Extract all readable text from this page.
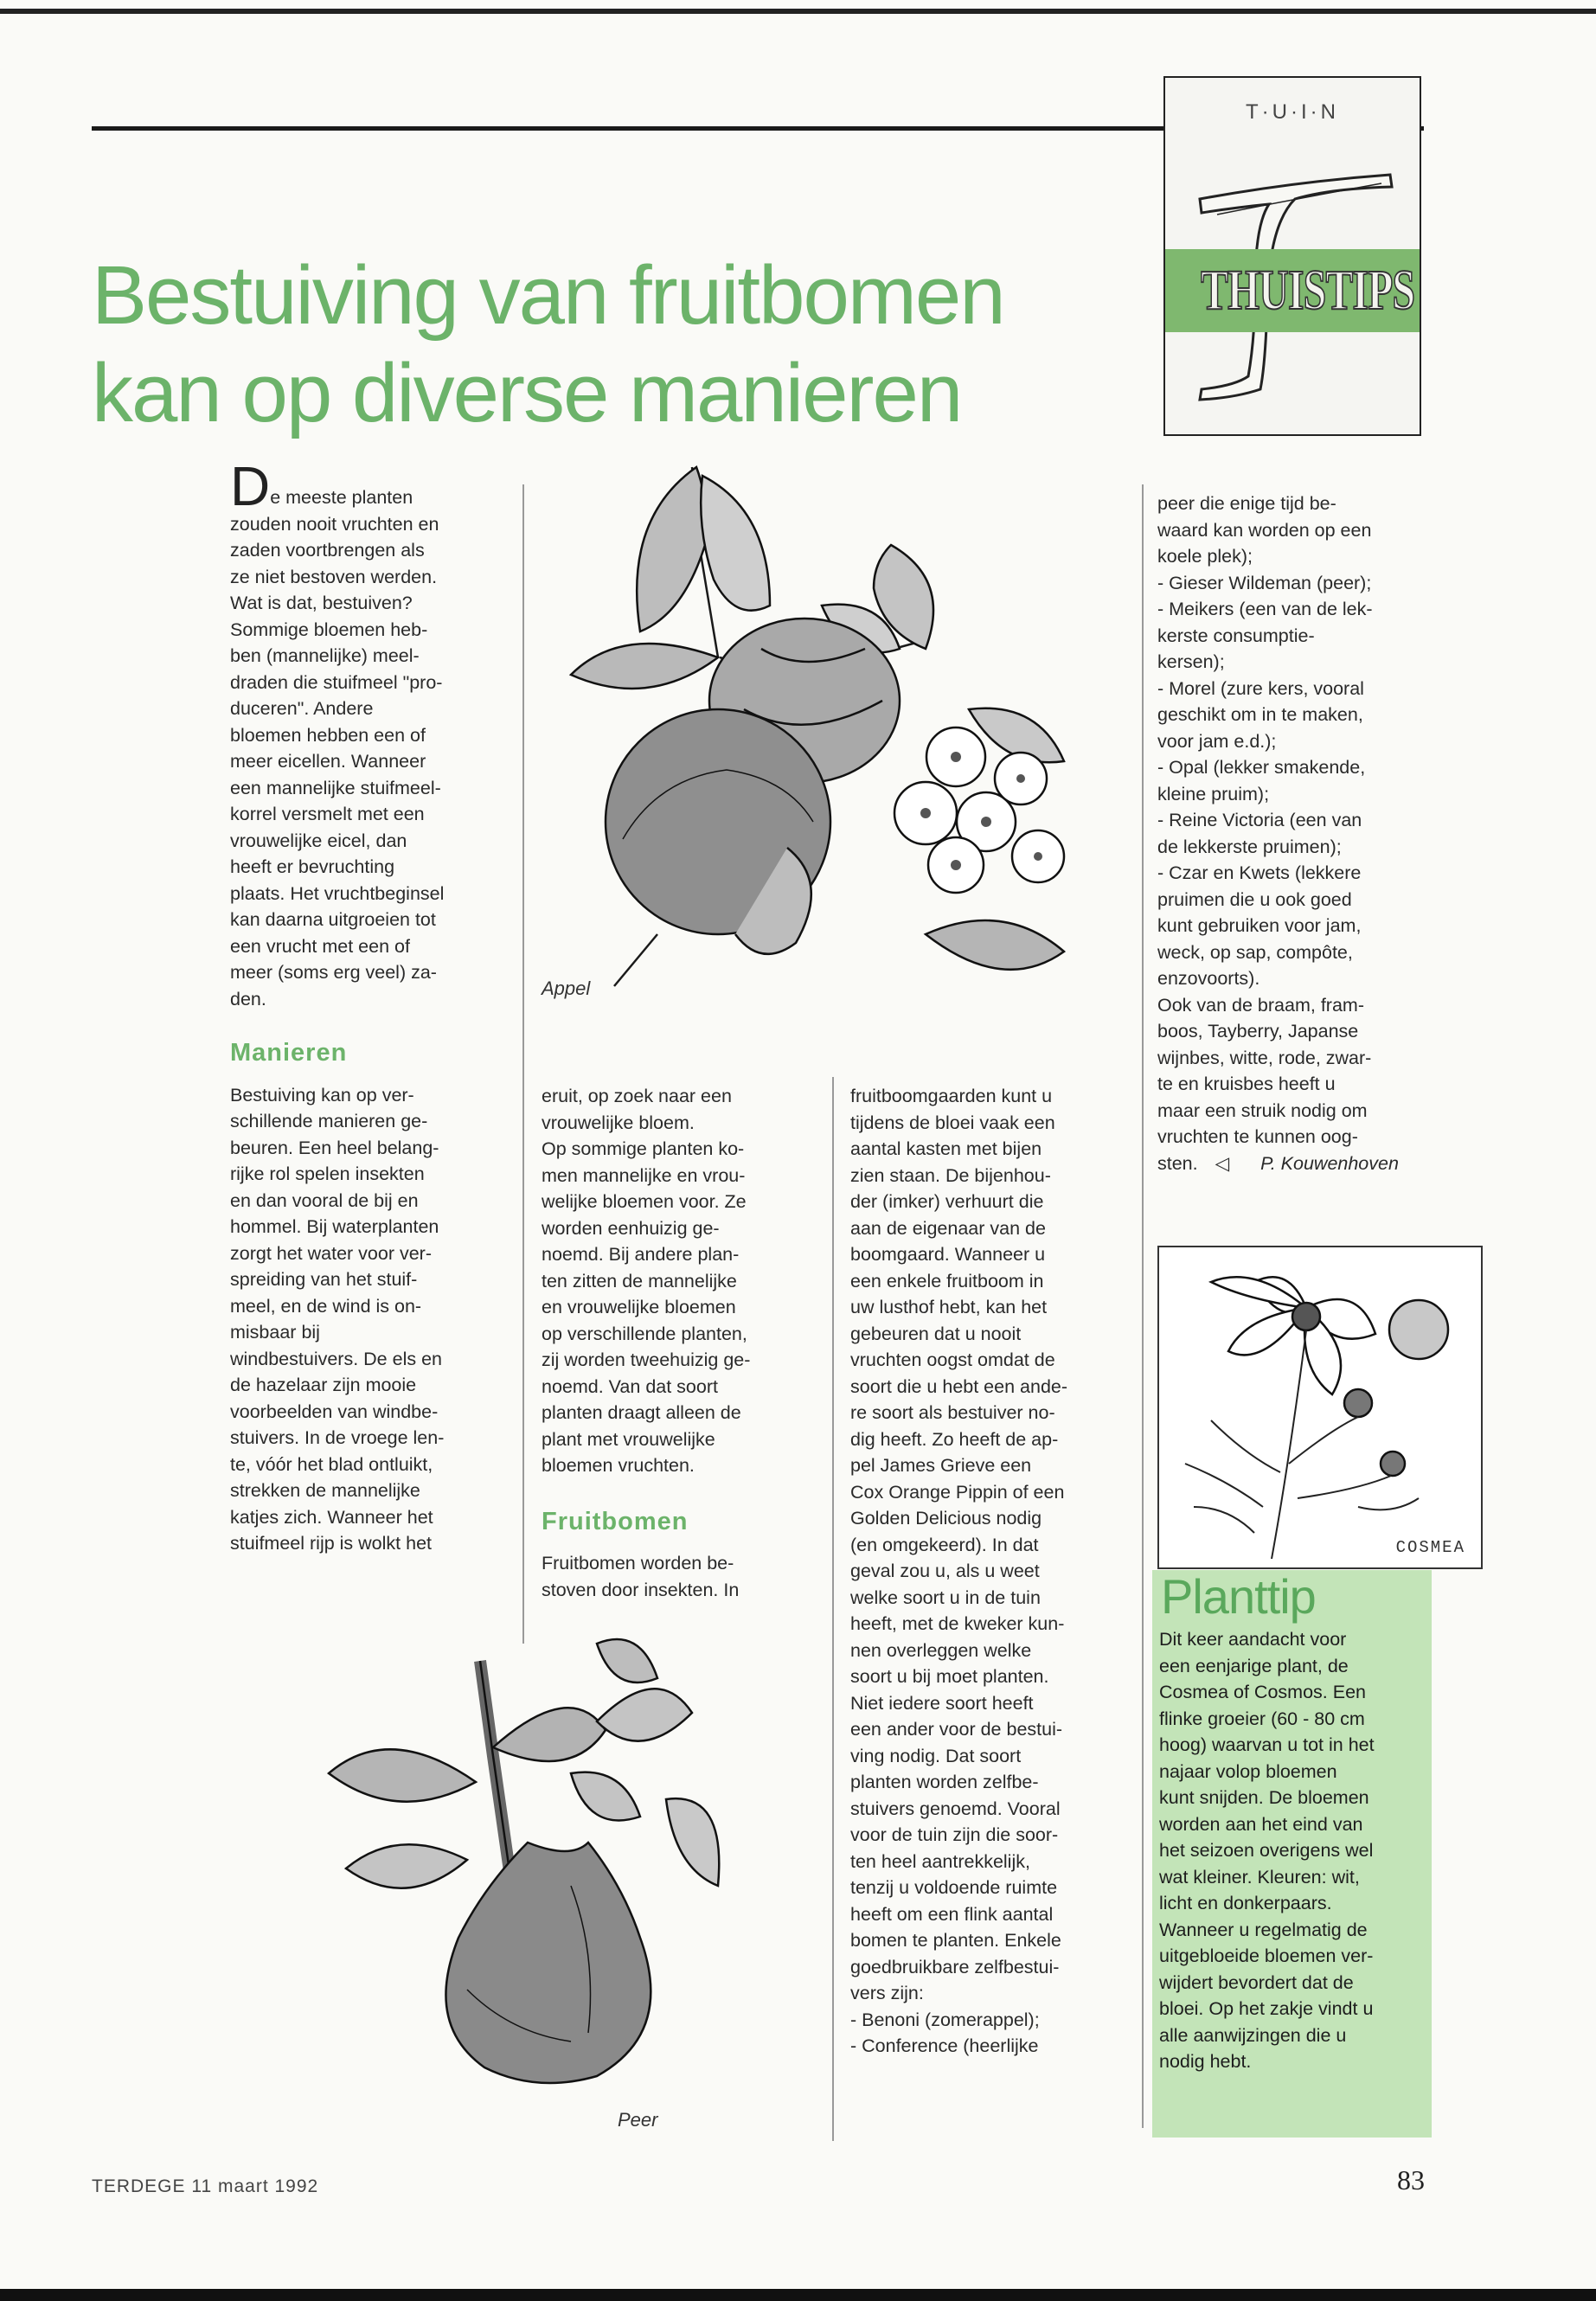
T·U·I·N
THUISTIPS
Bestuiving van fruitbomen
kan op diverse manieren
De meeste planten
zouden nooit vruchten en
zaden voortbrengen als
ze niet bestoven werden.
Wat is dat, bestuiven?
Sommige bloemen heb-
ben (mannelijke) meel-
draden die stuifmeel "pro-
duceren". Andere
bloemen hebben een of
meer eicellen. Wanneer
een mannelijke stuifmeel-
korrel versmelt met een
vrouwelijke eicel, dan
heeft er bevruchting
plaats. Het vruchtbeginsel
kan daarna uitgroeien tot
een vrucht met een of
meer (soms erg veel) za-
den.
Manieren
Bestuiving kan op ver-
schillende manieren ge-
beuren. Een heel belang-
rijke rol spelen insekten
en dan vooral de bij en
hommel. Bij waterplanten
zorgt het water voor ver-
spreiding van het stuif-
meel, en de wind is on-
misbaar bij
windbestuivers. De els en
de hazelaar zijn mooie
voorbeelden van windbe-
stuivers. In de vroege len-
te, vóór het blad ontluikt,
strekken de mannelijke
katjes zich. Wanneer het
stuifmeel rijp is wolkt het
Appel
eruit, op zoek naar een
vrouwelijke bloem.
Op sommige planten ko-
men mannelijke en vrou-
welijke bloemen voor. Ze
worden eenhuizig ge-
noemd. Bij andere plan-
ten zitten de mannelijke
en vrouwelijke bloemen
op verschillende planten,
zij worden tweehuizig ge-
noemd. Van dat soort
planten draagt alleen de
plant met vrouwelijke
bloemen vruchten.
Fruitbomen
Fruitbomen worden be-
stoven door insekten. In
Peer
fruitboomgaarden kunt u
tijdens de bloei vaak een
aantal kasten met bijen
zien staan. De bijenhou-
der (imker) verhuurt die
aan de eigenaar van de
boomgaard. Wanneer u
een enkele fruitboom in
uw lusthof hebt, kan het
gebeuren dat u nooit
vruchten oogst omdat de
soort die u hebt een ande-
re soort als bestuiver no-
dig heeft. Zo heeft de ap-
pel James Grieve een
Cox Orange Pippin of een
Golden Delicious nodig
(en omgekeerd). In dat
geval zou u, als u weet
welke soort u in de tuin
heeft, met de kweker kun-
nen overleggen welke
soort u bij moet planten.
Niet iedere soort heeft
een ander voor de bestui-
ving nodig. Dat soort
planten worden zelfbe-
stuivers genoemd. Vooral
voor de tuin zijn die soor-
ten heel aantrekkelijk,
tenzij u voldoende ruimte
heeft om een flink aantal
bomen te planten. Enkele
goedbruikbare zelfbestui-
vers zijn:
- Benoni (zomerappel);
- Conference (heerlijke
peer die enige tijd be-
waard kan worden op een
koele plek);
- Gieser Wildeman (peer);
- Meikers (een van de lek-
kerste consumptie-
kersen);
- Morel (zure kers, vooral
geschikt om in te maken,
voor jam e.d.);
- Opal (lekker smakende,
kleine pruim);
- Reine Victoria (een van
de lekkerste pruimen);
- Czar en Kwets (lekkere
pruimen die u ook goed
kunt gebruiken voor jam,
weck, op sap, compôte,
enzovoorts).
Ook van de braam, fram-
boos, Tayberry, Japanse
wijnbes, witte, rode, zwar-
te en kruisbes heeft u
maar een struik nodig om
vruchten te kunnen oog-
sten. ◁ P. Kouwenhoven
COSMEA
Planttip
Dit keer aandacht voor
een eenjarige plant, de
Cosmea of Cosmos. Een
flinke groeier (60 - 80 cm
hoog) waarvan u tot in het
najaar volop bloemen
kunt snijden. De bloemen
worden aan het eind van
het seizoen overigens wel
wat kleiner. Kleuren: wit,
licht en donkerpaars.
Wanneer u regelmatig de
uitgebloeide bloemen ver-
wijdert bevordert dat de
bloei. Op het zakje vindt u
alle aanwijzingen die u
nodig hebt.
TERDEGE 11 maart 1992	83
